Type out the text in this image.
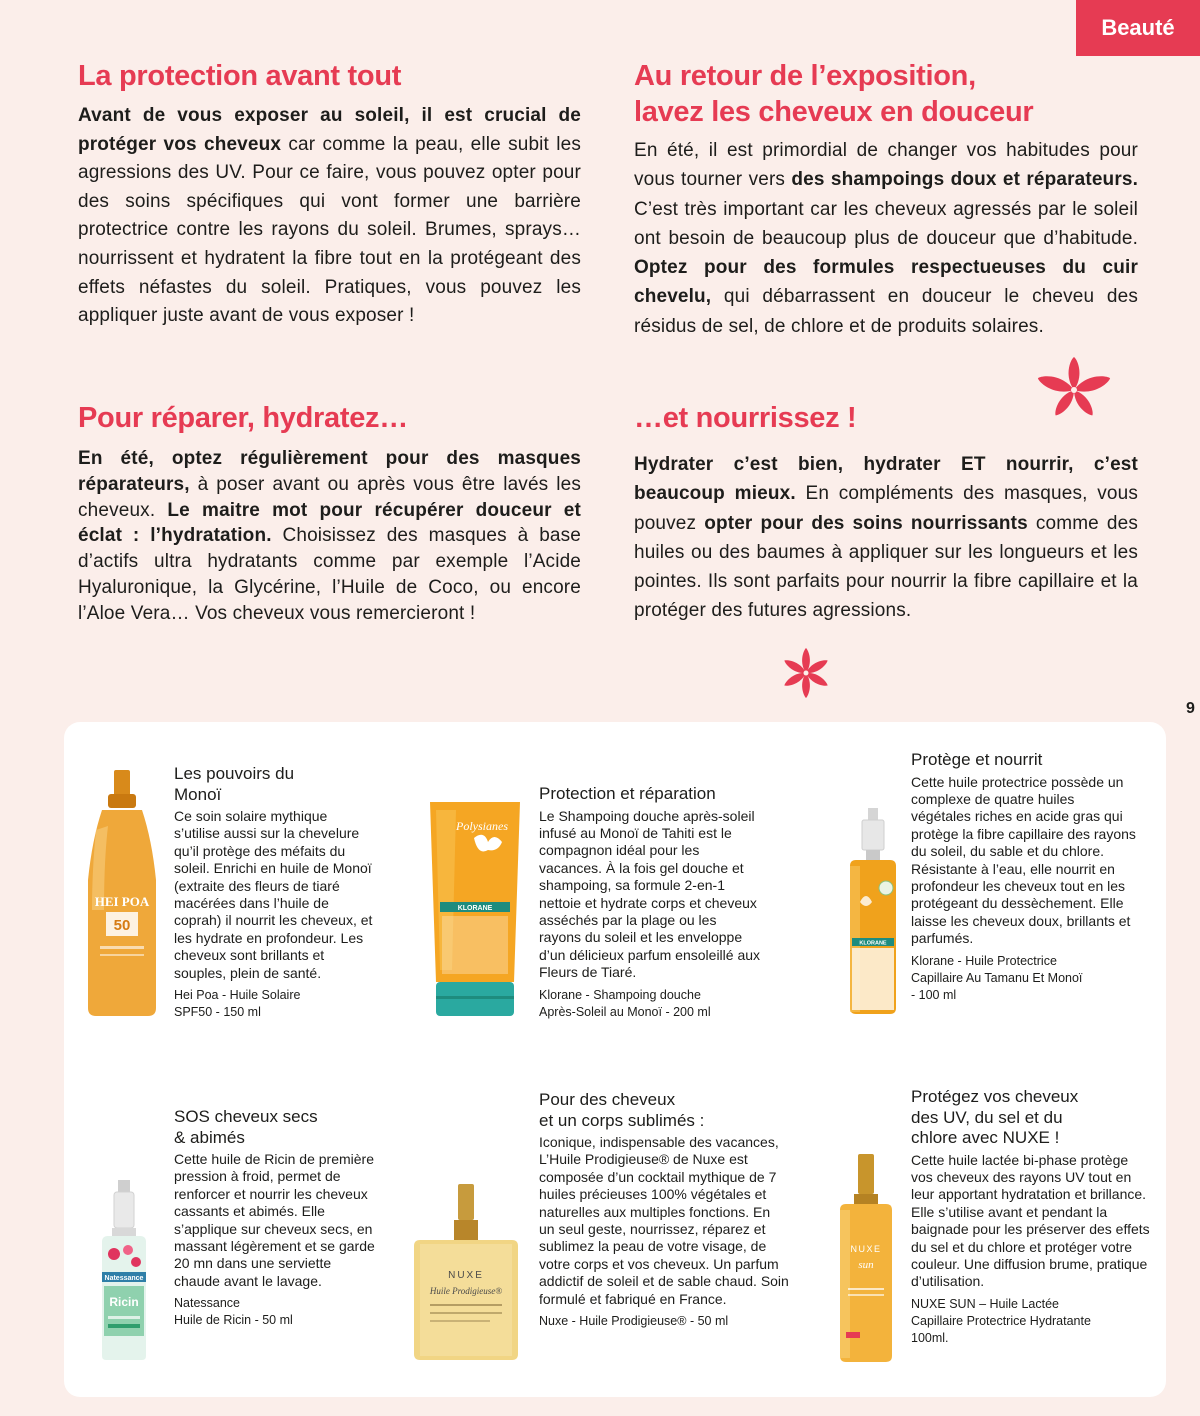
Beauté
9
La protection avant tout

Avant de vous exposer au soleil, il est crucial de protéger vos cheveux car comme la peau, elle subit les agressions des UV. Pour ce faire, vous pouvez opter pour des soins spécifiques qui vont former une barrière protectrice contre les rayons du soleil. Brumes, sprays… nourrissent et hydratent la fibre tout en la protégeant des effets néfastes du soleil. Pratiques, vous pouvez les appliquer juste avant de vous exposer !

Au retour de l’exposition,
lavez les cheveux en douceur

En été, il est primordial de changer vos habitudes pour vous tourner vers des shampoings doux et réparateurs. C’est très important car les cheveux agressés par le soleil ont besoin de beaucoup plus de douceur que d’habitude. Optez pour des formules respectueuses du cuir chevelu, qui débarrassent en douceur le cheveu des résidus de sel, de chlore et de produits solaires.

Pour réparer, hydratez…

En été, optez régulièrement pour des masques réparateurs, à poser avant ou après vous être lavés les cheveux. Le maitre mot pour récupérer douceur et éclat : l’hydratation. Choisissez des masques à base d’actifs ultra hydratants comme par exemple l’Acide Hyaluronique, la Glycérine, l’Huile de Coco, ou encore l’Aloe Vera… Vos cheveux vous remercieront !

…et nourrissez !

Hydrater c’est bien, hydrater ET nourrir, c’est beaucoup mieux. En compléments des masques, vous pouvez opter pour des soins nourrissants comme des huiles ou des baumes à appliquer sur les longueurs et les pointes. Ils sont parfaits pour nourrir la fibre capillaire et la protéger des futures agressions.

HEI POA
50
Les pouvoirs du
Monoï
Ce soin solaire mythique s’utilise aussi sur la chevelure qu’il protège des méfaits du soleil. Enrichi en huile de Monoï (extraite des fleurs de tiaré macérées dans l’huile de coprah) il nourrit les cheveux, et les hydrate en profondeur. Les cheveux sont brillants et souples, plein de santé.
Hei Poa - Huile Solaire
SPF50 - 150 ml
Polysianes
KLORANE
Protection et réparation
Le Shampoing douche après-soleil infusé au Monoï de Tahiti est le compagnon idéal pour les vacances. À la fois gel douche et shampoing, sa formule 2-en-1 nettoie et hydrate corps et cheveux asséchés par la plage ou les rayons du soleil et les enveloppe d’un délicieux parfum ensoleillé aux Fleurs de Tiaré.
Klorane - Shampoing douche
Après-Soleil au Monoï - 200 ml
KLORANE
Protège et nourrit
Cette huile protectrice possède un complexe de quatre huiles végétales riches en acide gras qui protège la fibre capillaire des rayons du soleil, du sable et du chlore. Résistante à l’eau, elle nourrit en profondeur les cheveux tout en les protégeant du dessèchement. Elle laisse les cheveux doux, brillants et parfumés.
Klorane - Huile Protectrice
Capillaire Au Tamanu Et Monoï
- 100 ml
Natessance
Ricin
SOS cheveux secs
& abimés
Cette huile de Ricin de première pression à froid, permet de renforcer et nourrir les cheveux cassants et abimés. Elle s’applique sur cheveux secs, en massant légèrement et se garde 20 mn dans une serviette chaude avant le lavage.
Natessance
Huile de Ricin - 50 ml
NUXE
Huile Prodigieuse®
Pour des cheveux
et un corps sublimés :
Iconique, indispensable des vacances, L’Huile Prodigieuse® de Nuxe est composée d’un cocktail mythique de 7 huiles précieuses 100% végétales et naturelles aux multiples fonctions. En un seul geste, nourrissez, réparez et sublimez la peau de votre visage, de votre corps et vos cheveux. Un parfum addictif de soleil et de sable chaud. Soin formulé et fabriqué en France.
Nuxe - Huile Prodigieuse® - 50 ml
NUXE
sun
Protégez vos cheveux
des UV, du sel et du
chlore avec NUXE !
Cette huile lactée bi-phase protège vos cheveux des rayons UV tout en leur apportant hydratation et brillance. Elle s’utilise avant et pendant la baignade pour les préserver des effets du sel et du chlore et protéger votre couleur. Une diffusion brume, pratique d’utilisation.
NUXE SUN – Huile Lactée
Capillaire Protectrice Hydratante
100ml.
